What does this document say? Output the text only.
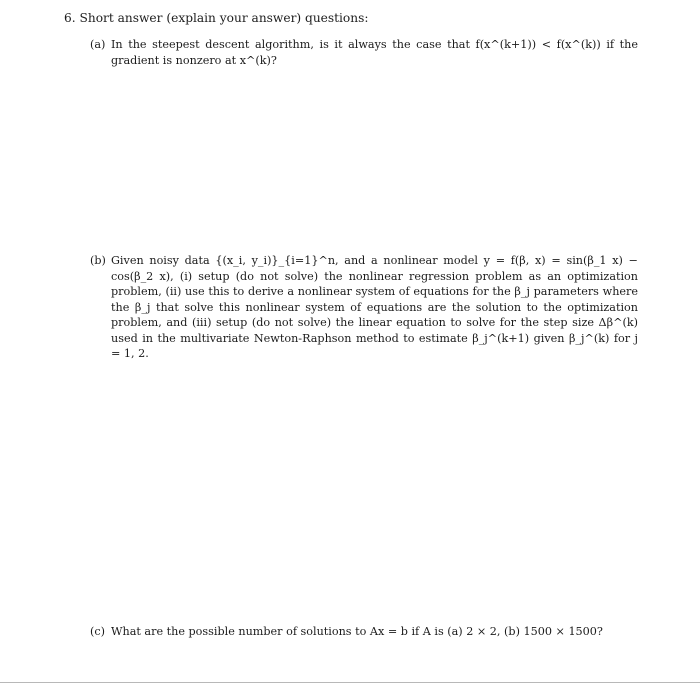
6. Short answer (explain your answer) questions:
(a) In the steepest descent algorithm, is it always the case that f(x^(k+1)) < f(x^(k)) if the gradient is nonzero at x^(k)?
(b) Given noisy data {(x_i, y_i)}_{i=1}^n, and a nonlinear model y = f(β, x) = sin(β_1 x) − cos(β_2 x), (i) setup (do not solve) the nonlinear regression problem as an optimization problem, (ii) use this to derive a nonlinear system of equations for the β_j parameters where the β_j that solve this nonlinear system of equations are the solution to the optimization problem, and (iii) setup (do not solve) the linear equation to solve for the step size Δβ^(k) used in the multivariate Newton-Raphson method to estimate β_j^(k+1) given β_j^(k) for j = 1, 2.
(c) What are the possible number of solutions to Ax = b if A is (a) 2 × 2, (b) 1500 × 1500?
